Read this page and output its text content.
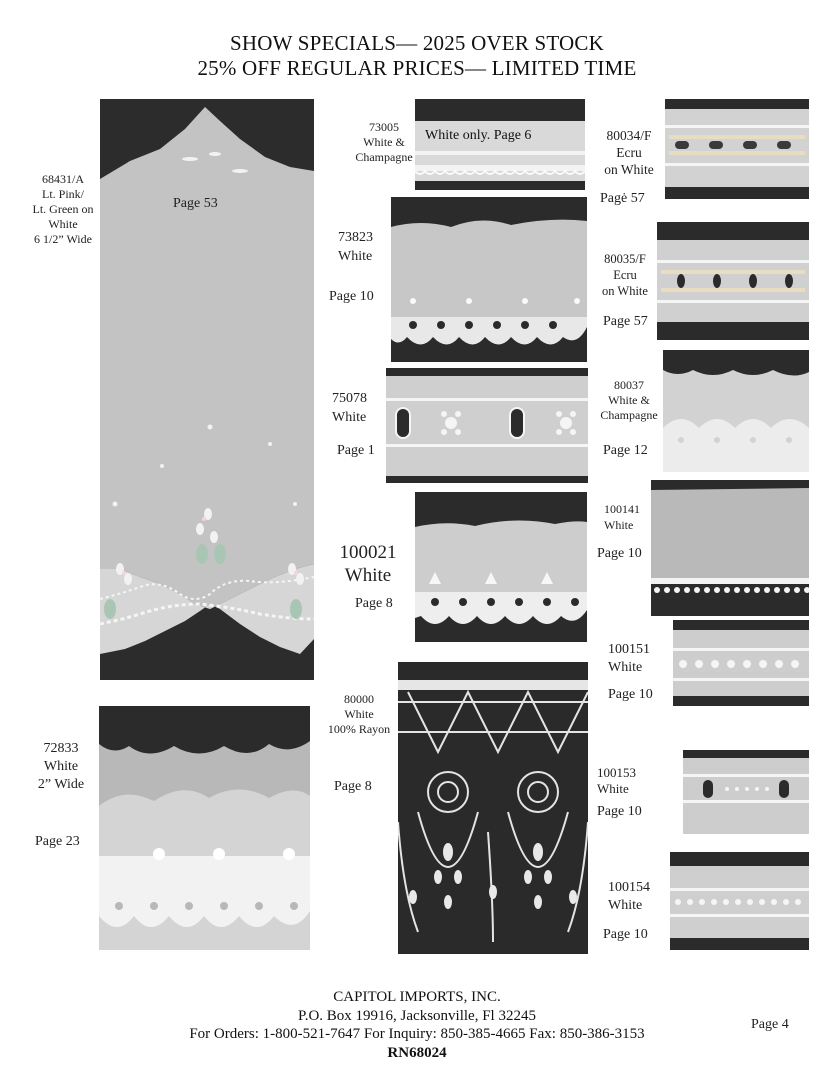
SHOW SPECIALS— 2025 OVER STOCK
25% OFF REGULAR PRICES— LIMITED TIME
68431/A
Lt. Pink/
Lt. Green on
White
6 1/2” Wide
Page 53
73005
White &
Champagne
White only. Page 6
73823
White
Page 10
75078
White
Page 1
100021
White
Page 8
80000
White
100% Rayon
Page 8
72833
White
2” Wide
Page 23
80034/F
Ecru
on White
Pagė 57
80035/F
Ecru
on White
Page 57
80037
White &
Champagne
Page 12
100141
White
Page 10
100151
White
Page 10
100153
White
Page 10
100154
White
Page 10
CAPITOL IMPORTS, INC.
P.O. Box 19916, Jacksonville, Fl 32245
For Orders: 1-800-521-7647 For Inquiry: 850-385-4665 Fax: 850-386-3153
RN68024
Page 4
